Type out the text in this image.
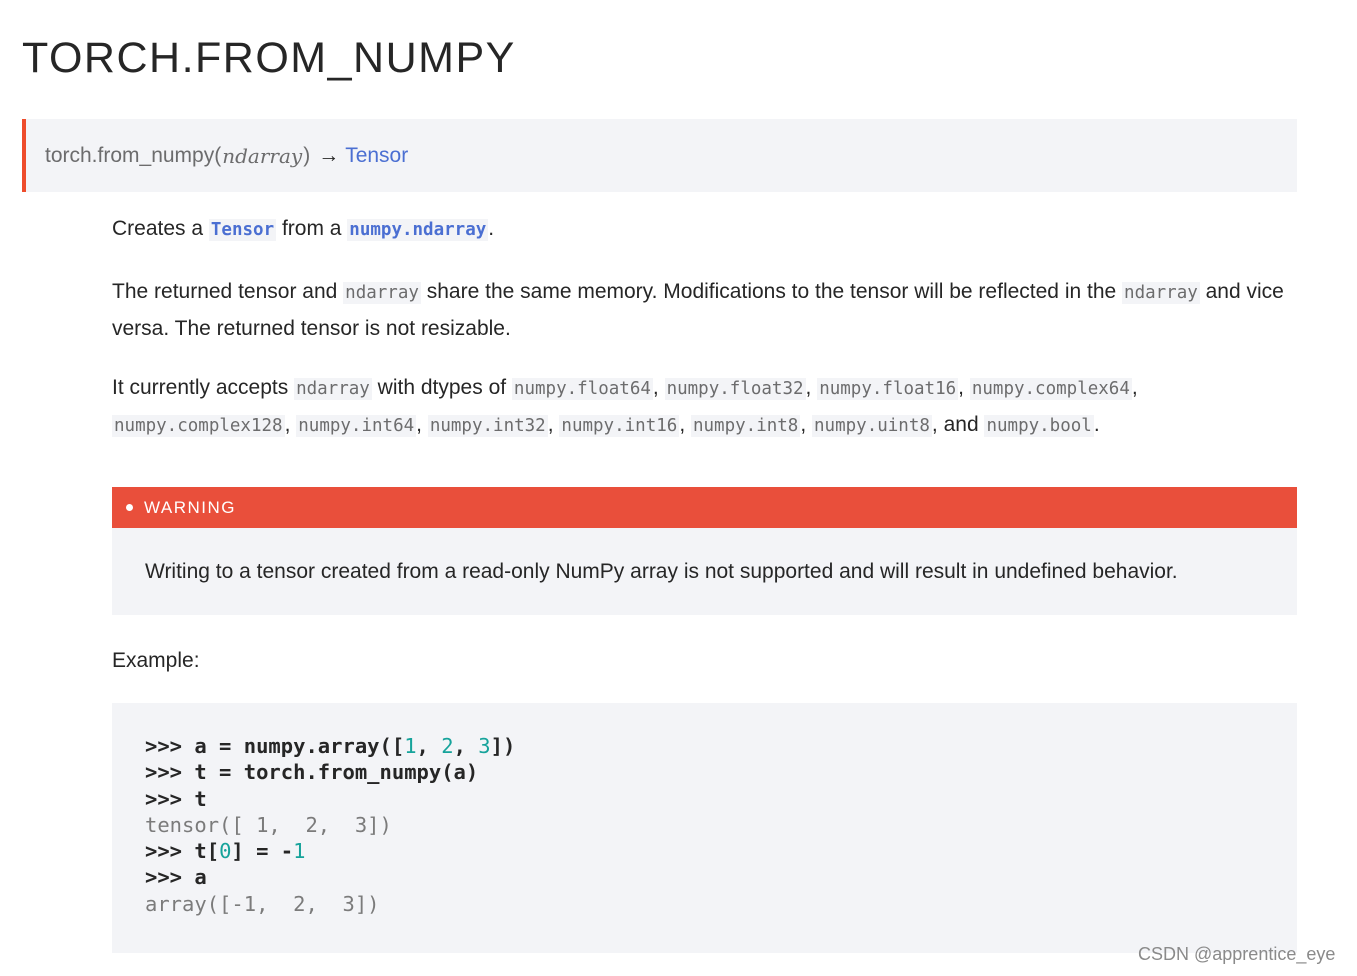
TORCH.FROM_NUMPY
torch.from_numpy ( ndarray ) → Tensor
Creates a Tensor from a numpy.ndarray.
The returned tensor and ndarray share the same memory. Modifications to the tensor will be reflected in the ndarray and vice versa. The returned tensor is not resizable.
It currently accepts ndarray with dtypes of numpy.float64, numpy.float32, numpy.float16, numpy.complex64, numpy.complex128, numpy.int64, numpy.int32, numpy.int16, numpy.int8, numpy.uint8, and numpy.bool.
WARNING
Writing to a tensor created from a read-only NumPy array is not supported and will result in undefined behavior.
Example:
>>> a = numpy.array([1, 2, 3])
>>> t = torch.from_numpy(a)
>>> t
tensor([ 1,  2,  3])
>>> t[0] = -1
>>> a
array([-1,  2,  3])
CSDN @apprentice_eye
